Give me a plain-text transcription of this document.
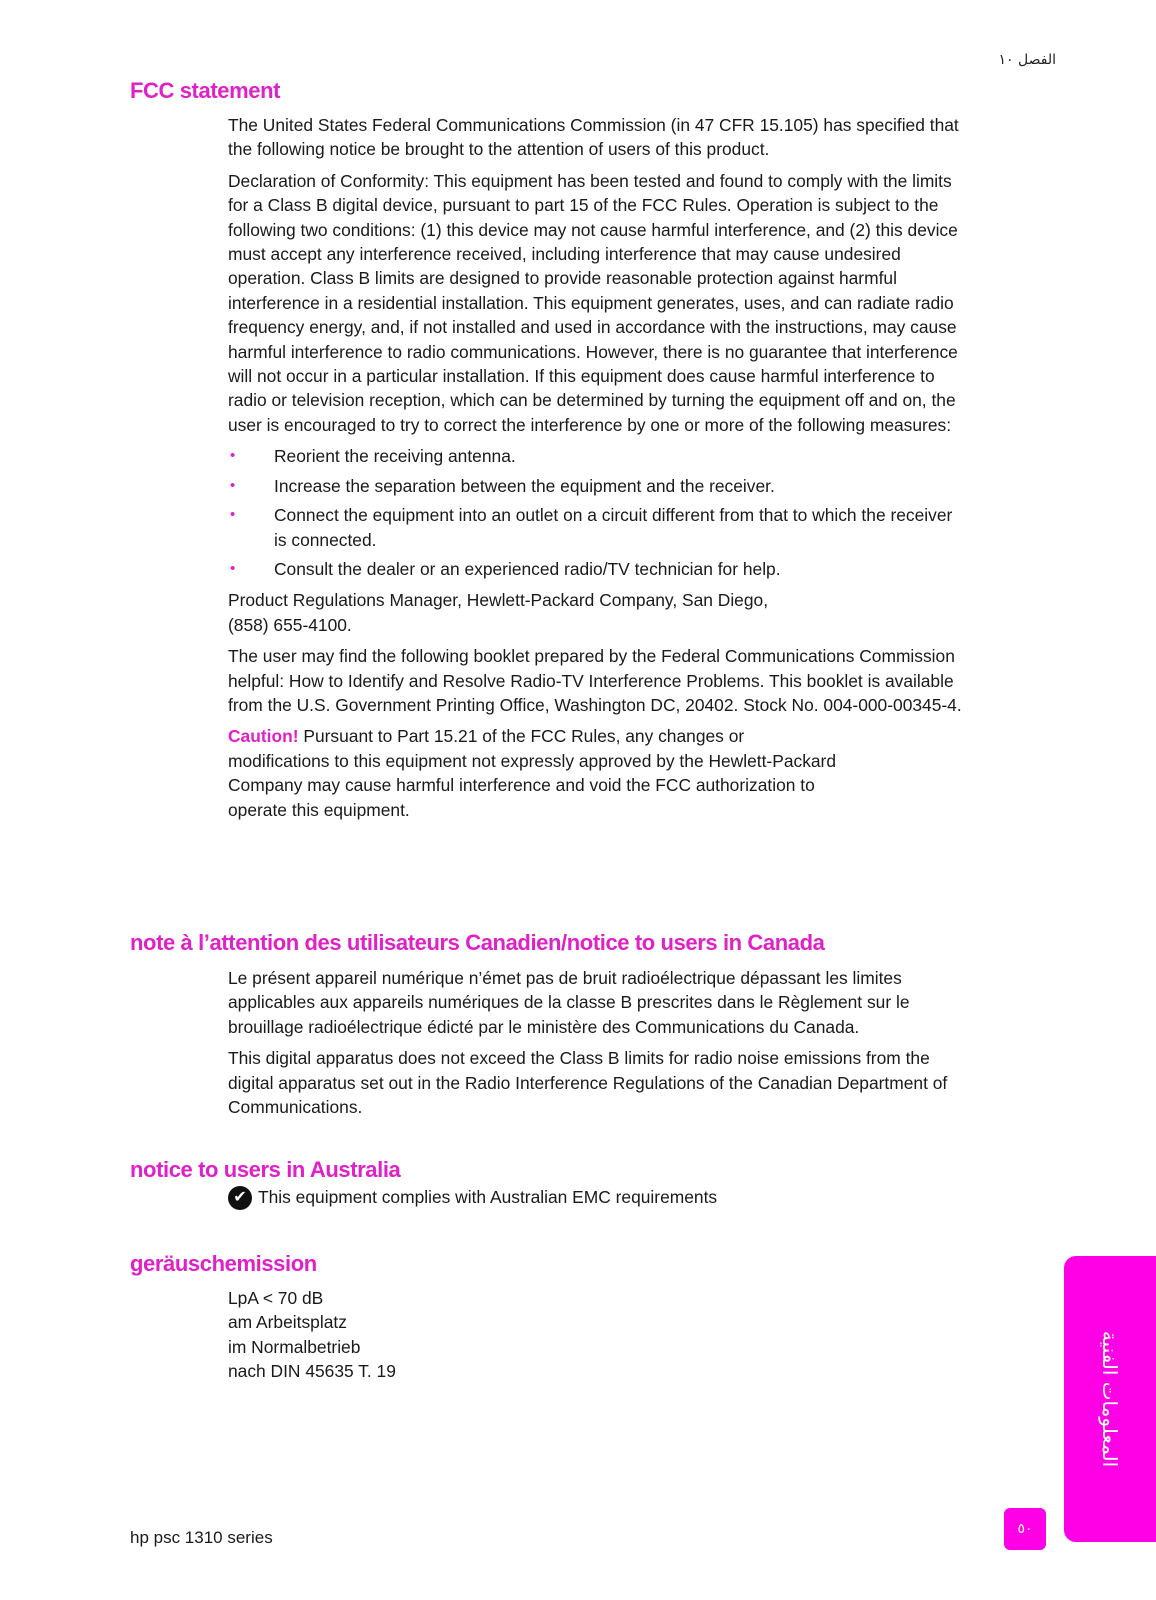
الفصل ١٠
FCC statement

The United States Federal Communications Commission (in 47 CFR 15.105) has specified that the following notice be brought to the attention of users of this product.

Declaration of Conformity: This equipment has been tested and found to comply with the limits for a Class B digital device, pursuant to part 15 of the FCC Rules. Operation is subject to the following two conditions: (1) this device may not cause harmful interference, and (2) this device must accept any interference received, including interference that may cause undesired operation. Class B limits are designed to provide reasonable protection against harmful interference in a residential installation. This equipment generates, uses, and can radiate radio frequency energy, and, if not installed and used in accordance with the instructions, may cause harmful interference to radio communications. However, there is no guarantee that interference will not occur in a particular installation. If this equipment does cause harmful interference to radio or television reception, which can be determined by turning the equipment off and on, the user is encouraged to try to correct the interference by one or more of the following measures:

• Reorient the receiving antenna.
• Increase the separation between the equipment and the receiver.
• Connect the equipment into an outlet on a circuit different from that to which the receiver is connected.
• Consult the dealer or an experienced radio/TV technician for help.

Product Regulations Manager, Hewlett-Packard Company, San Diego,
(858) 655-4100.

The user may find the following booklet prepared by the Federal Communications Commission helpful: How to Identify and Resolve Radio-TV Interference Problems. This booklet is available from the U.S. Government Printing Office, Washington DC, 20402. Stock No. 004-000-00345-4.

Caution! Pursuant to Part 15.21 of the FCC Rules, any changes or modifications to this equipment not expressly approved by the Hewlett-Packard Company may cause harmful interference and void the FCC authorization to operate this equipment.

note à l’attention des utilisateurs Canadien/notice to users in Canada

Le présent appareil numérique n’émet pas de bruit radioélectrique dépassant les limites applicables aux appareils numériques de la classe B prescrites dans le Règlement sur le brouillage radioélectrique édicté par le ministère des Communications du Canada.

This digital apparatus does not exceed the Class B limits for radio noise emissions from the digital apparatus set out in the Radio Interference Regulations of the Canadian Department of Communications.

notice to users in Australia
✔ This equipment complies with Australian EMC requirements
geräuschemission
LpA < 70 dB
am Arbeitsplatz
im Normalbetrieb
nach DIN 45635 T. 19
hp psc 1310 series
المعلومات الفنية
٥٠
